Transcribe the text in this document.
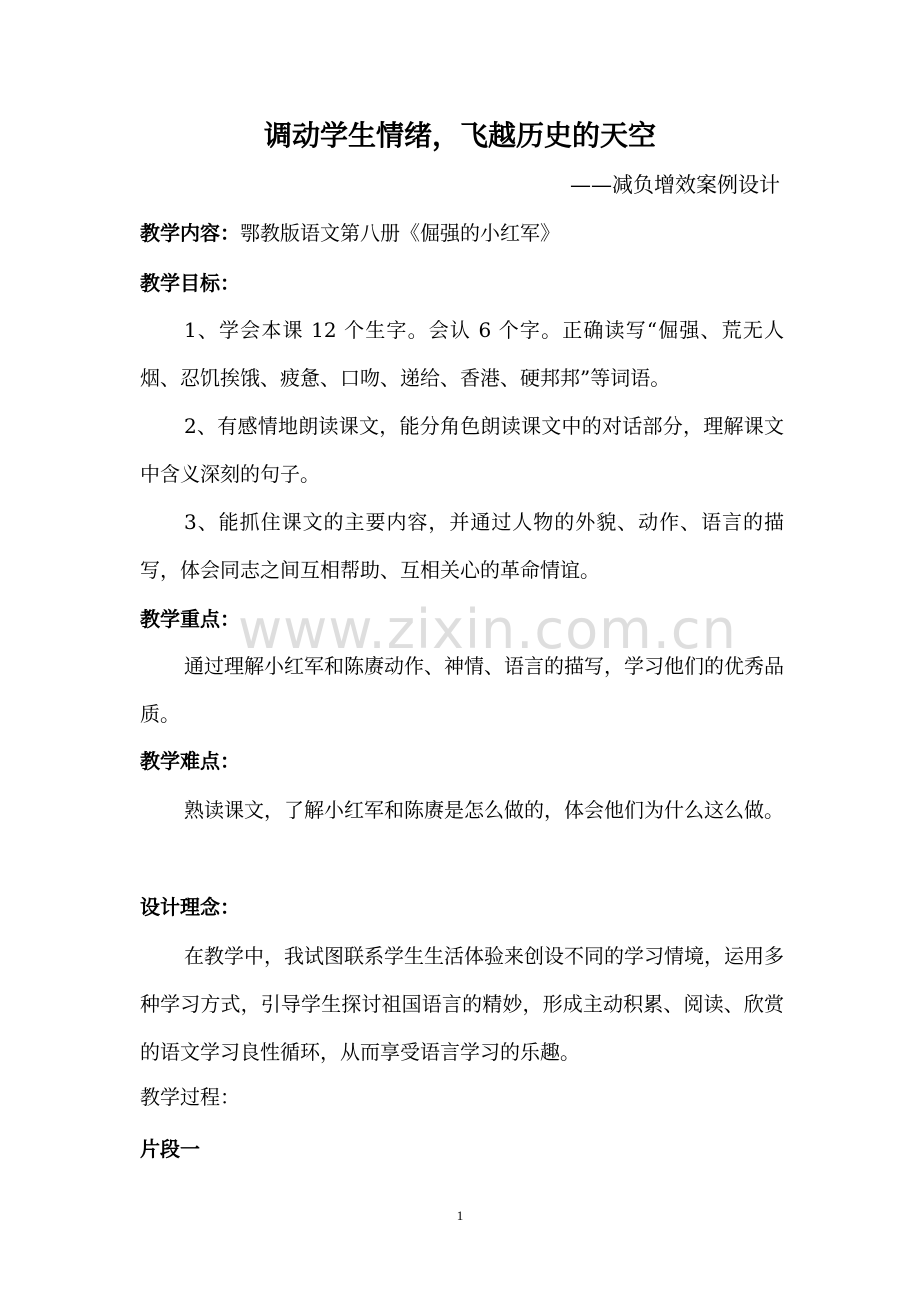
调动学生情绪，飞越历史的天空
——减负增效案例设计
教学内容：鄂教版语文第八册《倔强的小红军》
教学目标：

1、学会本课 12 个生字。会认 6 个字。正确读写“倔强、荒无人烟、忍饥挨饿、疲惫、口吻、递给、香港、硬邦邦”等词语。

2、有感情地朗读课文，能分角色朗读课文中的对话部分，理解课文中含义深刻的句子。

3、能抓住课文的主要内容，并通过人物的外貌、动作、语言的描写，体会同志之间互相帮助、互相关心的革命情谊。

教学重点：

通过理解小红军和陈赓动作、神情、语言的描写，学习他们的优秀品质。

教学难点：

熟读课文，了解小红军和陈赓是怎么做的，体会他们为什么这么做。

设计理念：

在教学中，我试图联系学生生活体验来创设不同的学习情境，运用多种学习方式，引导学生探讨祖国语言的精妙，形成主动积累、阅读、欣赏的语文学习良性循环，从而享受语言学习的乐趣。

教学过程：
片段一
www.zixin.com.cn
1
